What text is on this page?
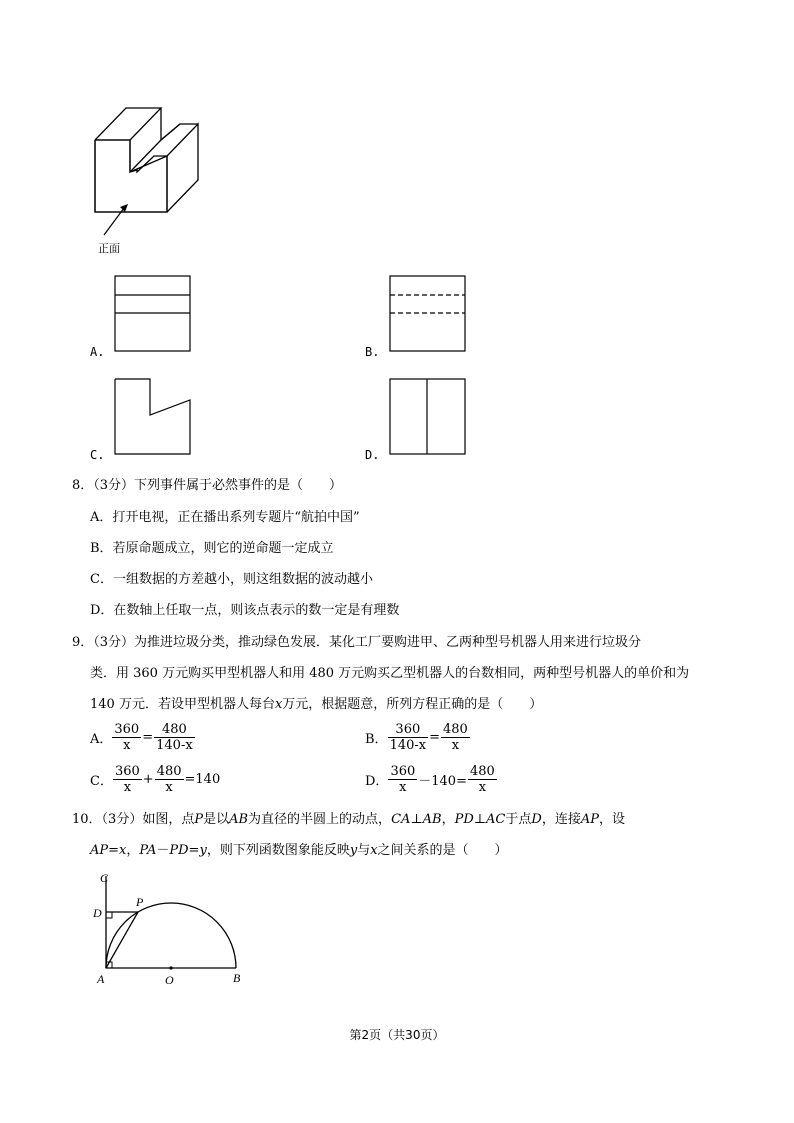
正面
A.	B.
C.	D.
8．（3分）下列事件属于必然事件的是（　　）
A．打开电视，正在播出系列专题片“航拍中国”
B．若原命题成立，则它的逆命题一定成立
C．一组数据的方差越小，则这组数据的波动越小
D．在数轴上任取一点，则该点表示的数一定是有理数
9．（3分）为推进垃圾分类，推动绿色发展．某化工厂要购进甲、乙两种型号机器人用来进行垃圾分
类．用 360 万元购买甲型机器人和用 480 万元购买乙型机器人的台数相同，两种型号机器人的单价和为
140 万元．若设甲型机器人每台x万元，根据题意，所列方程正确的是（　　）
A． $\frac{360}{x} = \frac{480}{140-x}$	B． $\frac{360}{140-x} = \frac{480}{x}$
C． $\frac{360}{x} + \frac{480}{x} =140$	D． $\frac{360}{x} -140= \frac{480}{x}$
10．（3分）如图，点P是以AB为直径的半圆上的动点，CA⊥AB，PD⊥AC于点D，连接AP，设
AP=x，PA－PD=y，则下列函数图象能反映y与x之间关系的是（　　）
C
D
P
A	O	B
第2页（共30页）
